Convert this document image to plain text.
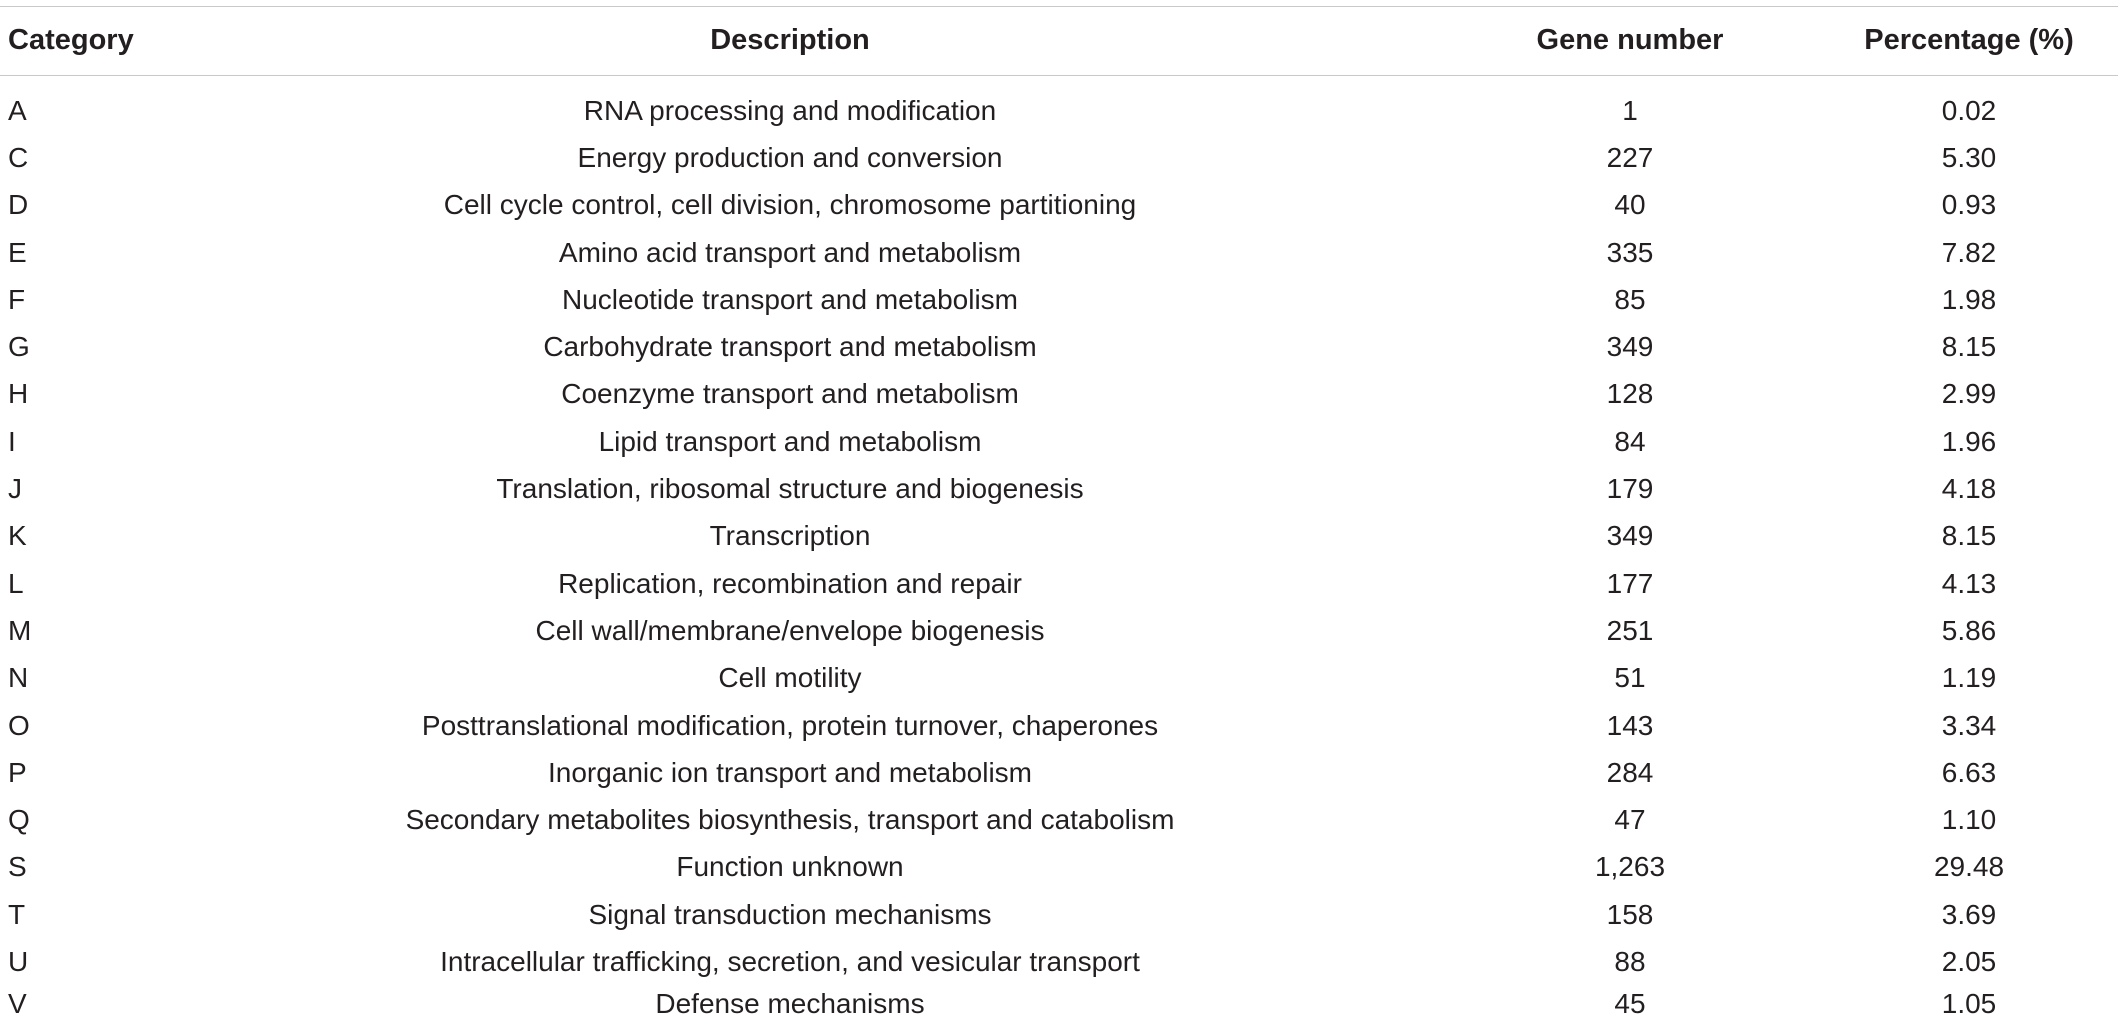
Category	Description	Gene number	Percentage (%)
A	RNA processing and modification	1	0.02
C	Energy production and conversion	227	5.30
D	Cell cycle control, cell division, chromosome partitioning	40	0.93
E	Amino acid transport and metabolism	335	7.82
F	Nucleotide transport and metabolism	85	1.98
G	Carbohydrate transport and metabolism	349	8.15
H	Coenzyme transport and metabolism	128	2.99
I	Lipid transport and metabolism	84	1.96
J	Translation, ribosomal structure and biogenesis	179	4.18
K	Transcription	349	8.15
L	Replication, recombination and repair	177	4.13
M	Cell wall/membrane/envelope biogenesis	251	5.86
N	Cell motility	51	1.19
O	Posttranslational modification, protein turnover, chaperones	143	3.34
P	Inorganic ion transport and metabolism	284	6.63
Q	Secondary metabolites biosynthesis, transport and catabolism	47	1.10
S	Function unknown	1,263	29.48
T	Signal transduction mechanisms	158	3.69
U	Intracellular trafficking, secretion, and vesicular transport	88	2.05
V	Defense mechanisms	45	1.05
